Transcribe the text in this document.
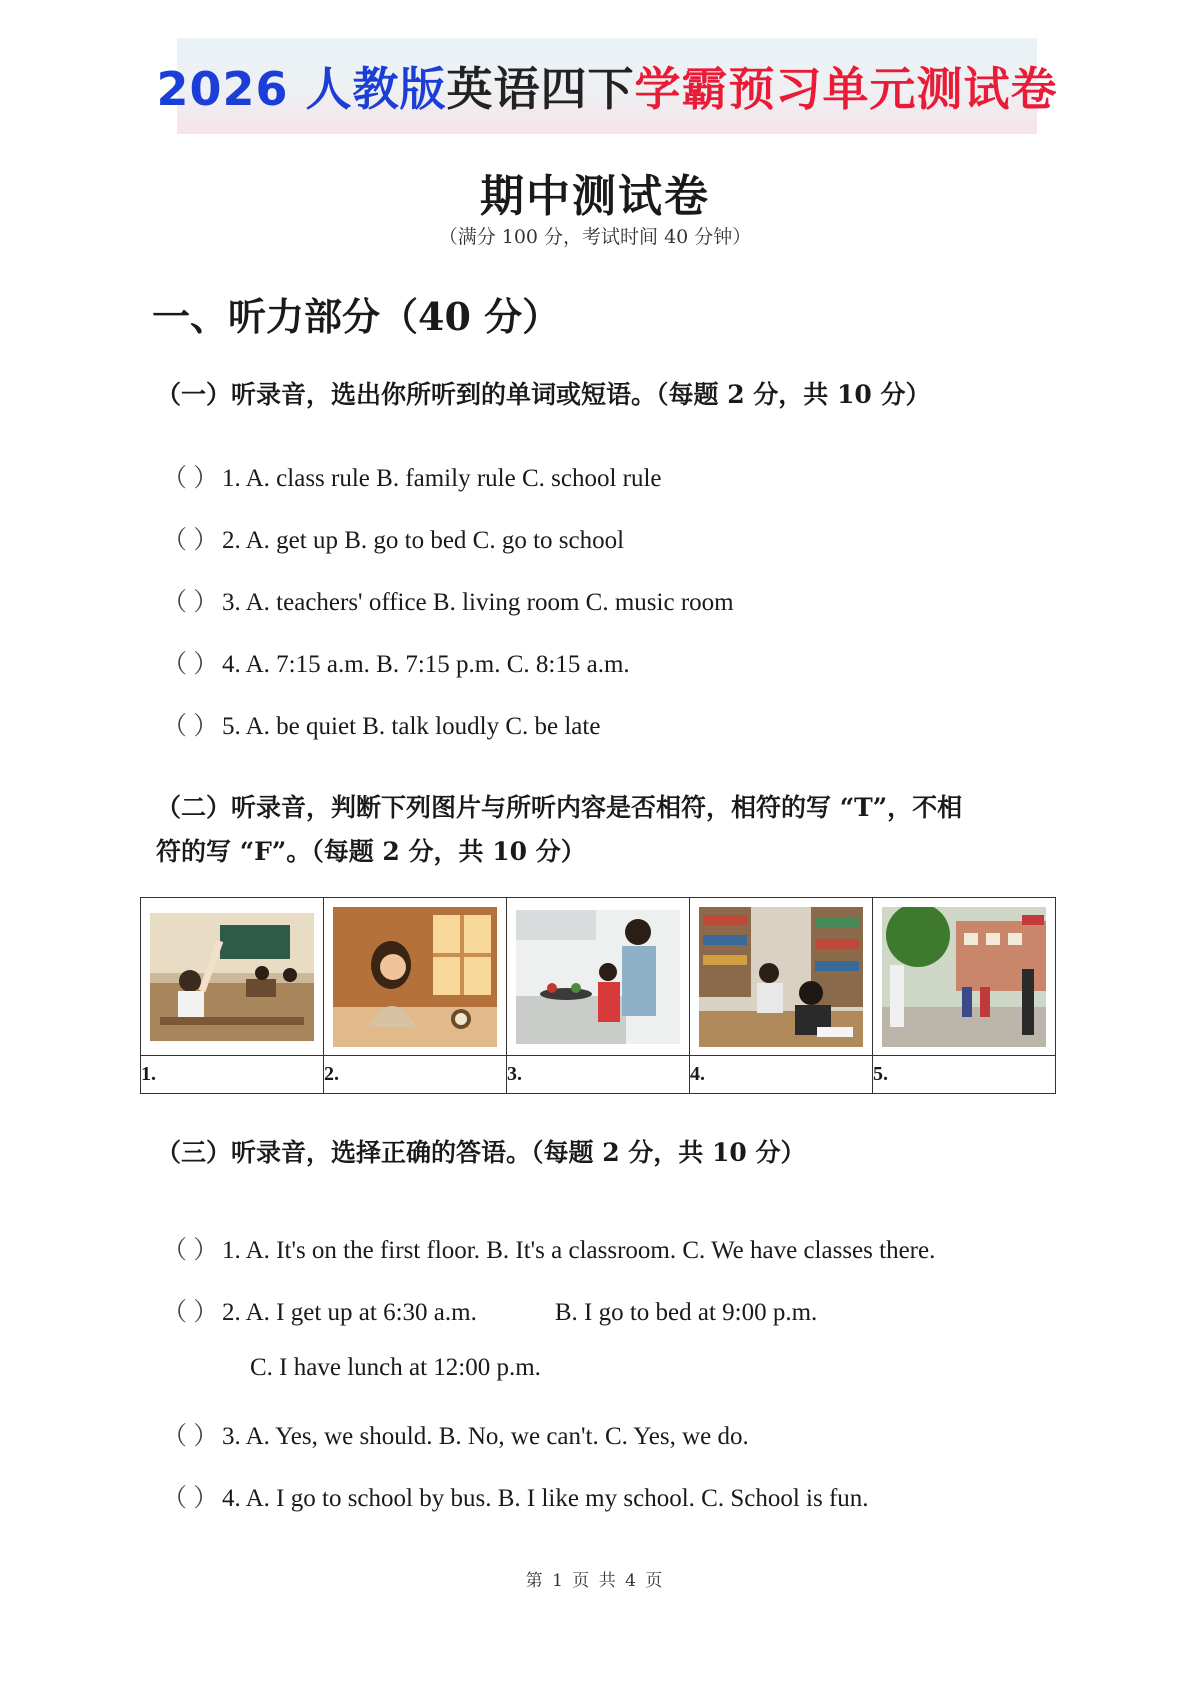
2026 人教版英语四下学霸预习单元测试卷
期中测试卷
（满分 100 分，考试时间 40 分钟）
一、听力部分（40 分）
（一）听录音，选出你所听到的单词或短语。（每题 2 分，共 10 分）
（ ） 1. A. class rule B. family rule C. school rule
（ ） 2. A. get up B. go to bed C. go to school
（ ） 3. A. teachers' office B. living room C. music room
（ ） 4. A. 7:15 a.m. B. 7:15 p.m. C. 8:15 a.m.
（ ） 5. A. be quiet B. talk loudly C. be late
（二）听录音，判断下列图片与所听内容是否相符，相符的写 “T”，不相
符的写 “F”。（每题 2 分，共 10 分）

1.	2.	3.	4.	5.
（三）听录音，选择正确的答语。（每题 2 分，共 10 分）
（ ） 1. A. It's on the first floor. B. It's a classroom. C. We have classes there.
（ ） 2. A. I get up at 6:30 a.m.	B. I go to bed at 9:00 p.m.
C. I have lunch at 12:00 p.m.
（ ） 3. A. Yes, we should. B. No, we can't. C. Yes, we do.
（ ） 4. A. I go to school by bus. B. I like my school. C. School is fun.
第 1 页 共 4 页
